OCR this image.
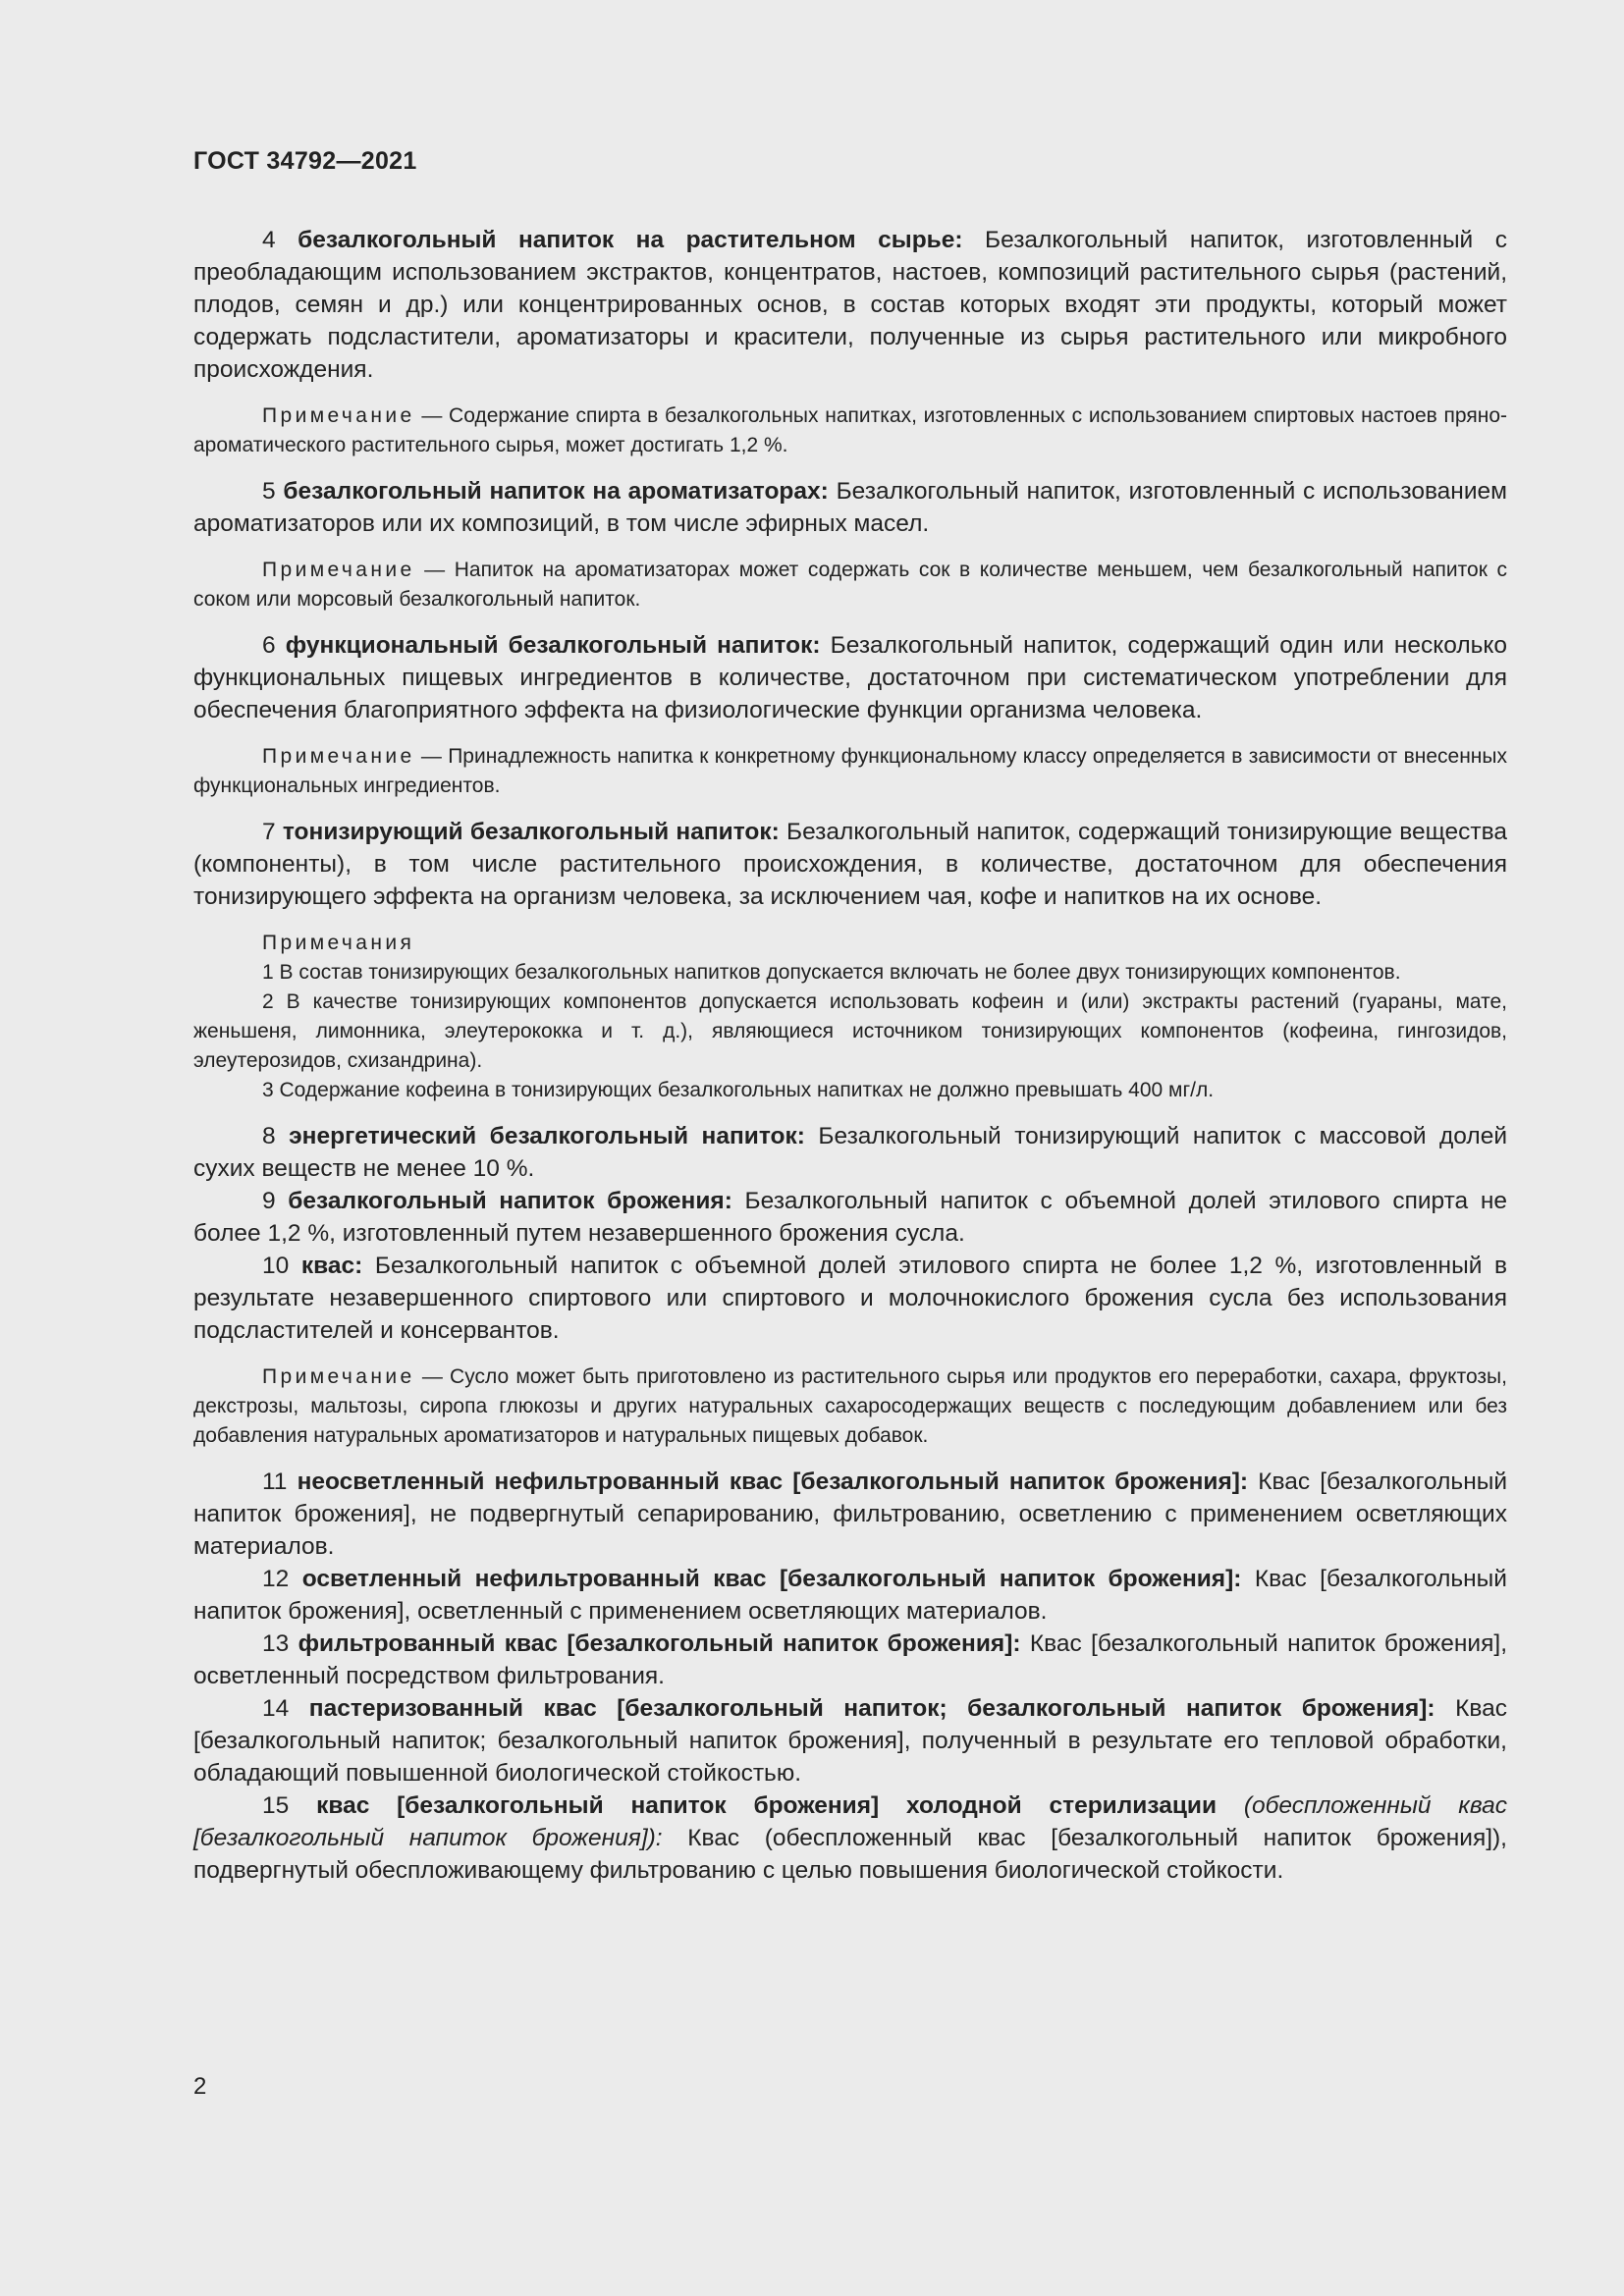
ГОСТ 34792—2021

4 безалкогольный напиток на растительном сырье: Безалкогольный напиток, изготовленный с преобладающим использованием экстрактов, концентратов, настоев, композиций растительного сырья (растений, плодов, семян и др.) или концентрированных основ, в состав которых входят эти продукты, который может содержать подсластители, ароматизаторы и красители, полученные из сырья растительного или микробного происхождения.

Примечание — Содержание спирта в безалкогольных напитках, изготовленных с использованием спиртовых настоев пряно-ароматического растительного сырья, может достигать 1,2 %.

5 безалкогольный напиток на ароматизаторах: Безалкогольный напиток, изготовленный с использованием ароматизаторов или их композиций, в том числе эфирных масел.

Примечание — Напиток на ароматизаторах может содержать сок в количестве меньшем, чем безалкогольный напиток с соком или морсовый безалкогольный напиток.

6 функциональный безалкогольный напиток: Безалкогольный напиток, содержащий один или несколько функциональных пищевых ингредиентов в количестве, достаточном при систематическом употреблении для обеспечения благоприятного эффекта на физиологические функции организма человека.

Примечание — Принадлежность напитка к конкретному функциональному классу определяется в зависимости от внесенных функциональных ингредиентов.

7 тонизирующий безалкогольный напиток: Безалкогольный напиток, содержащий тонизирующие вещества (компоненты), в том числе растительного происхождения, в количестве, достаточном для обеспечения тонизирующего эффекта на организм человека, за исключением чая, кофе и напитков на их основе.

Примечания

1 В состав тонизирующих безалкогольных напитков допускается включать не более двух тонизирующих компонентов.

2 В качестве тонизирующих компонентов допускается использовать кофеин и (или) экстракты растений (гуараны, мате, женьшеня, лимонника, элеутерококка и т. д.), являющиеся источником тонизирующих компонентов (кофеина, гингозидов, элеутерозидов, схизандрина).

3 Содержание кофеина в тонизирующих безалкогольных напитках не должно превышать 400 мг/л.

8 энергетический безалкогольный напиток: Безалкогольный тонизирующий напиток с массовой долей сухих веществ не менее 10 %.

9 безалкогольный напиток брожения: Безалкогольный напиток с объемной долей этилового спирта не более 1,2 %, изготовленный путем незавершенного брожения сусла.

10 квас: Безалкогольный напиток с объемной долей этилового спирта не более 1,2 %, изготовленный в результате незавершенного спиртового или спиртового и молочнокислого брожения сусла без использования подсластителей и консервантов.

Примечание — Сусло может быть приготовлено из растительного сырья или продуктов его переработки, сахара, фруктозы, декстрозы, мальтозы, сиропа глюкозы и других натуральных сахаросодержащих веществ с последующим добавлением или без добавления натуральных ароматизаторов и натуральных пищевых добавок.

11 неосветленный нефильтрованный квас [безалкогольный напиток брожения]: Квас [безалкогольный напиток брожения], не подвергнутый сепарированию, фильтрованию, осветлению с применением осветляющих материалов.

12 осветленный нефильтрованный квас [безалкогольный напиток брожения]: Квас [безалкогольный напиток брожения], осветленный с применением осветляющих материалов.

13 фильтрованный квас [безалкогольный напиток брожения]: Квас [безалкогольный напиток брожения], осветленный посредством фильтрования.

14 пастеризованный квас [безалкогольный напиток; безалкогольный напиток брожения]: Квас [безалкогольный напиток; безалкогольный напиток брожения], полученный в результате его тепловой обработки, обладающий повышенной биологической стойкостью.

15 квас [безалкогольный напиток брожения] холодной стерилизации (обеспложенный квас [безалкогольный напиток брожения]): Квас (обеспложенный квас [безалкогольный напиток брожения]), подвергнутый обеспложивающему фильтрованию с целью повышения биологической стойкости.

2
